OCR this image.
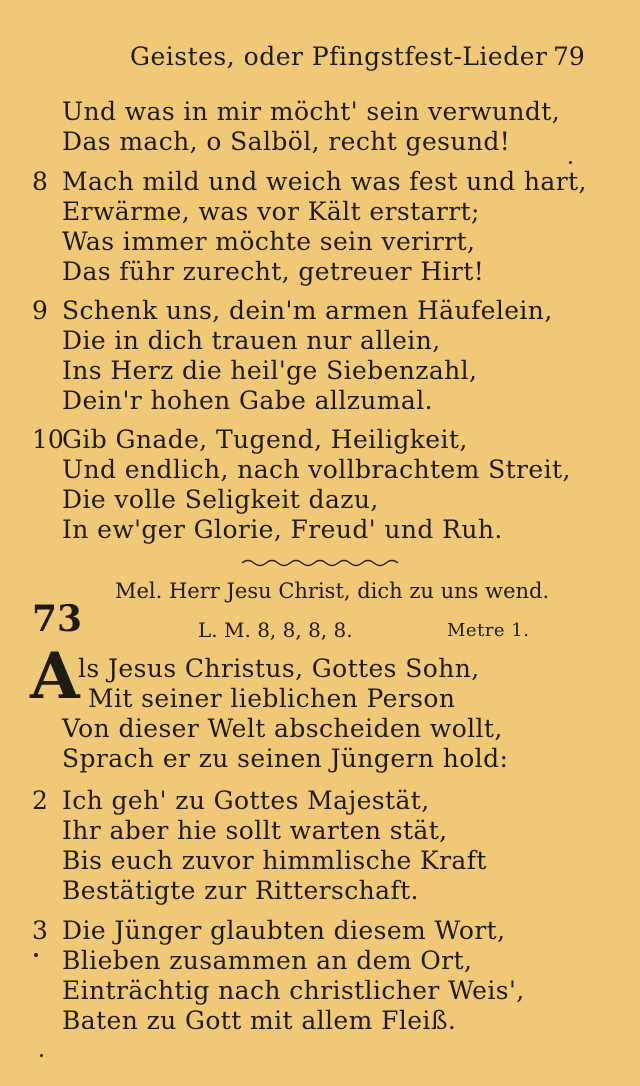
Geistes, oder Pfingstfest-Lieder 79
Und was in mir möcht' sein verwundt,
Das mach, o Salböl, recht gesund!
8 Mach mild und weich was fest und hart,
Erwärme, was vor Kält erstarrt;
Was immer möchte sein verirrt,
Das führ zurecht, getreuer Hirt!
9 Schenk uns, dein'm armen Häufelein,
Die in dich trauen nur allein,
Ins Herz die heil'ge Siebenzahl,
Dein'r hohen Gabe allzumal.
10
Gib Gnade, Tugend, Heiligkeit,
Und endlich, nach vollbrachtem Streit,
Die volle Seligkeit dazu,
In ew'ger Glorie, Freud' und Ruh.
Mel. Herr Jesu Christ, dich zu uns wend.
73	L. M. 8, 8, 8, 8.	Metre 1.
A
ls Jesus Christus, Gottes Sohn,
Mit seiner lieblichen Person
Von dieser Welt abscheiden wollt,
Sprach er zu seinen Jüngern hold:
2 Ich geh' zu Gottes Majestät,
Ihr aber hie sollt warten stät,
Bis euch zuvor himmlische Kraft
Bestätigte zur Ritterschaft.
3 Die Jünger glaubten diesem Wort,
Blieben zusammen an dem Ort,
Einträchtig nach christlicher Weis',
Baten zu Gott mit allem Fleiß.
